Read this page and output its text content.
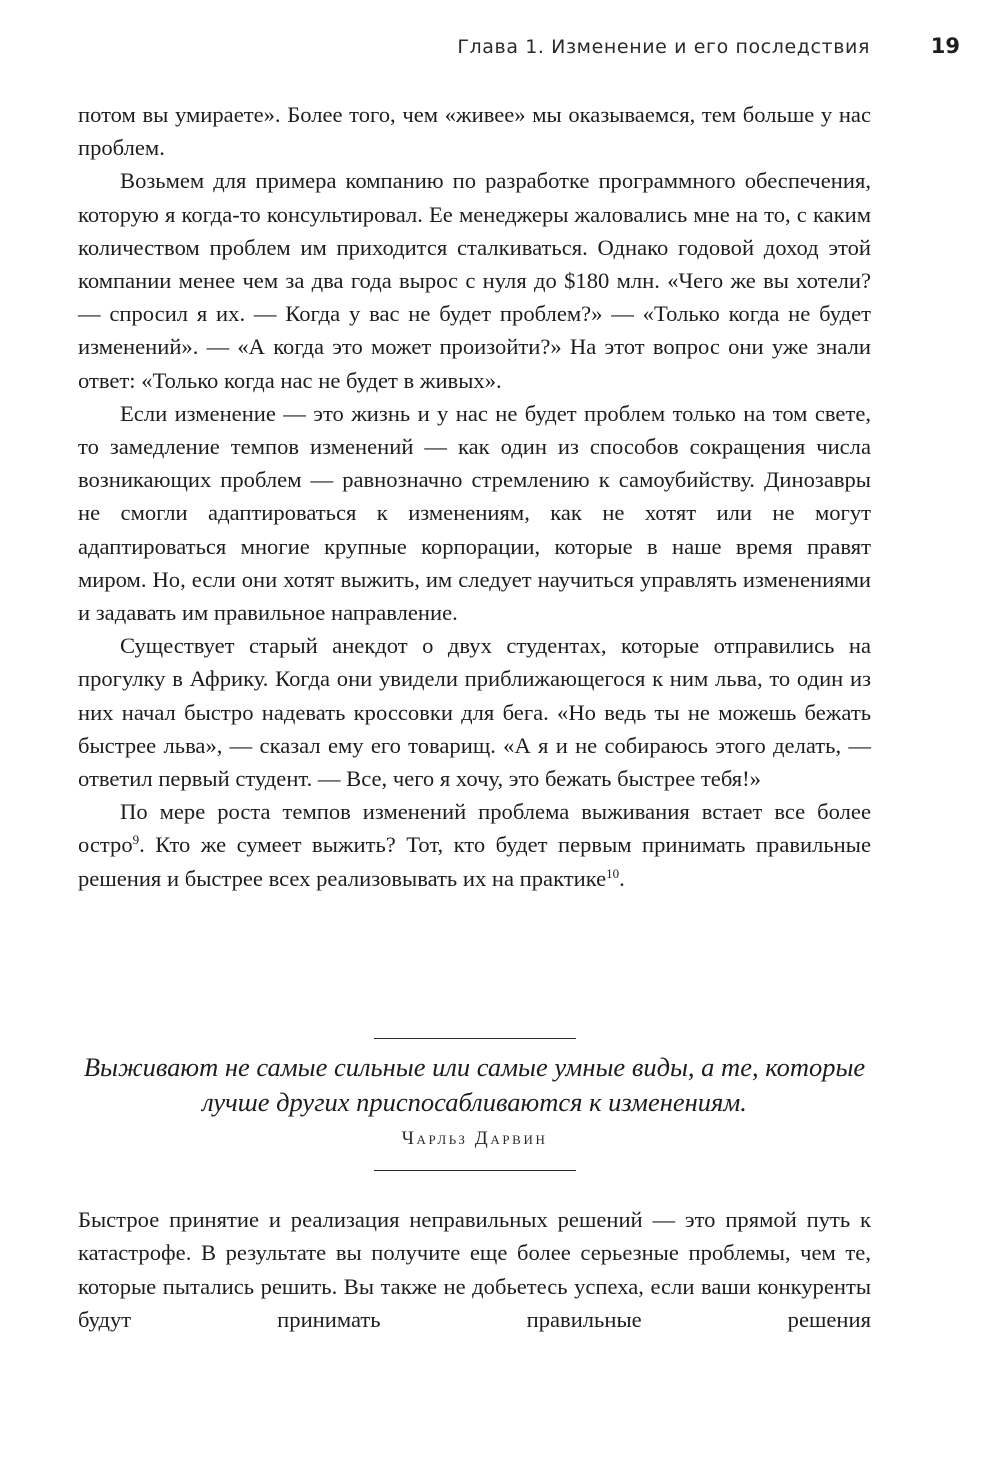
Глава 1. Изменение и его последствия	19

потом вы умираете». Более того, чем «живее» мы оказываемся, тем больше у нас проблем.

Возьмем для примера компанию по разработке программного обеспечения, которую я когда-то консультировал. Ее менеджеры жаловались мне на то, с каким количеством проблем им приходится сталкиваться. Однако годовой доход этой компании менее чем за два года вырос с нуля до $180 млн. «Чего же вы хотели? — спросил я их. — Когда у вас не будет проблем?» — «Только когда не будет изменений». — «А когда это может произойти?» На этот вопрос они уже знали ответ: «Только когда нас не будет в живых».

Если изменение — это жизнь и у нас не будет проблем только на том свете, то замедление темпов изменений — как один из способов сокращения числа возникающих проблем — равнозначно стремлению к самоубийству. Динозавры не смогли адаптироваться к изменениям, как не хотят или не могут адаптироваться многие крупные корпорации, которые в наше время правят миром. Но, если они хотят выжить, им следует научиться управлять изменениями и задавать им правильное направление.

Существует старый анекдот о двух студентах, которые отправились на прогулку в Африку. Когда они увидели приближающегося к ним льва, то один из них начал быстро надевать кроссовки для бега. «Но ведь ты не можешь бежать быстрее льва», — сказал ему его товарищ. «А я и не собираюсь этого делать, — ответил первый студент. — Все, чего я хочу, это бежать быстрее тебя!»

По мере роста темпов изменений проблема выживания встает все более остро$^9$. Кто же сумеет выжить? Тот, кто будет первым принимать правильные решения и быстрее всех реализовывать их на практике$^{10}$.

Выживают не самые сильные или самые умные виды, а те, которые лучше других приспосабливаются к изменениям.

Чарльз Дарвин

Быстрое принятие и реализация неправильных решений — это прямой путь к катастрофе. В результате вы получите еще более серьезные проблемы, чем те, которые пытались решить. Вы также не добьетесь успеха, если ваши конкуренты будут принимать правильные решения
